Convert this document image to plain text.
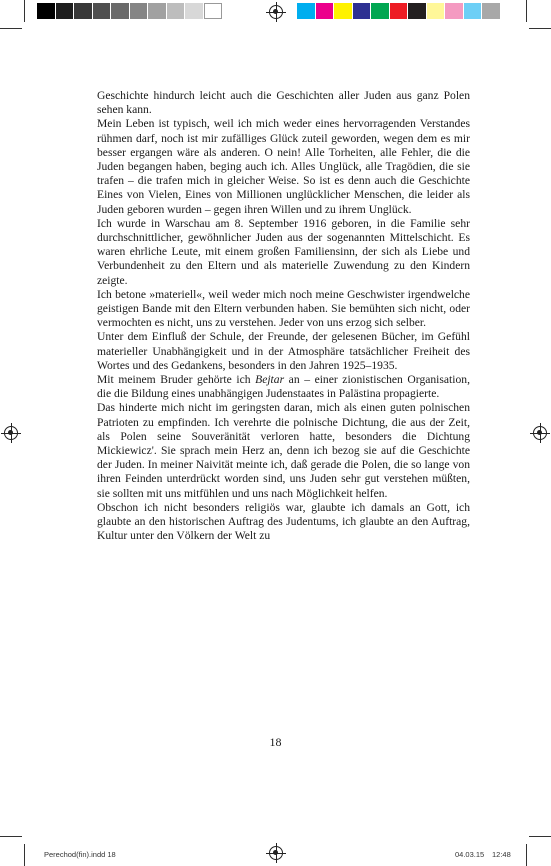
Geschichte hindurch leicht auch die Geschichten aller Juden aus ganz Polen sehen kann.

Mein Leben ist typisch, weil ich mich weder eines hervorragenden Verstandes rühmen darf, noch ist mir zufälliges Glück zuteil geworden, wegen dem es mir besser ergangen wäre als anderen. O nein! Alle Torheiten, alle Fehler, die die Juden begangen haben, beging auch ich. Alles Unglück, alle Tragödien, die sie trafen – die trafen mich in gleicher Weise. So ist es denn auch die Geschichte Eines von Vielen, Eines von Millionen unglücklicher Menschen, die leider als Juden geboren wurden – gegen ihren Willen und zu ihrem Unglück.

Ich wurde in Warschau am 8. September 1916 geboren, in die Familie sehr durchschnittlicher, gewöhnlicher Juden aus der sogenannten Mittelschicht. Es waren ehrliche Leute, mit einem großen Familiensinn, der sich als Liebe und Verbundenheit zu den Eltern und als materielle Zuwendung zu den Kindern zeigte.

Ich betone »materiell«, weil weder mich noch meine Geschwister irgendwelche geistigen Bande mit den Eltern verbunden haben. Sie bemühten sich nicht, oder vermochten es nicht, uns zu verstehen. Jeder von uns erzog sich selber.

Unter dem Einfluß der Schule, der Freunde, der gelesenen Bücher, im Gefühl materieller Unabhängigkeit und in der Atmosphäre tatsächlicher Freiheit des Wortes und des Gedankens, besonders in den Jahren 1925–1935.

Mit meinem Bruder gehörte ich Bejtar an – einer zionistischen Organisation, die die Bildung eines unabhängigen Judenstaates in Palästina propagierte.

Das hinderte mich nicht im geringsten daran, mich als einen guten polnischen Patrioten zu empfinden. Ich verehrte die polnische Dichtung, die aus der Zeit, als Polen seine Souveränität verloren hatte, besonders die Dichtung Mickiewicz'. Sie sprach mein Herz an, denn ich bezog sie auf die Geschichte der Juden. In meiner Naivität meinte ich, daß gerade die Polen, die so lange von ihren Feinden unterdrückt worden sind, uns Juden sehr gut verstehen müßten, sie sollten mit uns mitfühlen und uns nach Möglichkeit helfen.

Obschon ich nicht besonders religiös war, glaubte ich damals an Gott, ich glaubte an den historischen Auftrag des Judentums, ich glaubte an den Auftrag, Kultur unter den Völkern der Welt zu

18
Perechod(fin).indd 18	04.03.15 12:48
